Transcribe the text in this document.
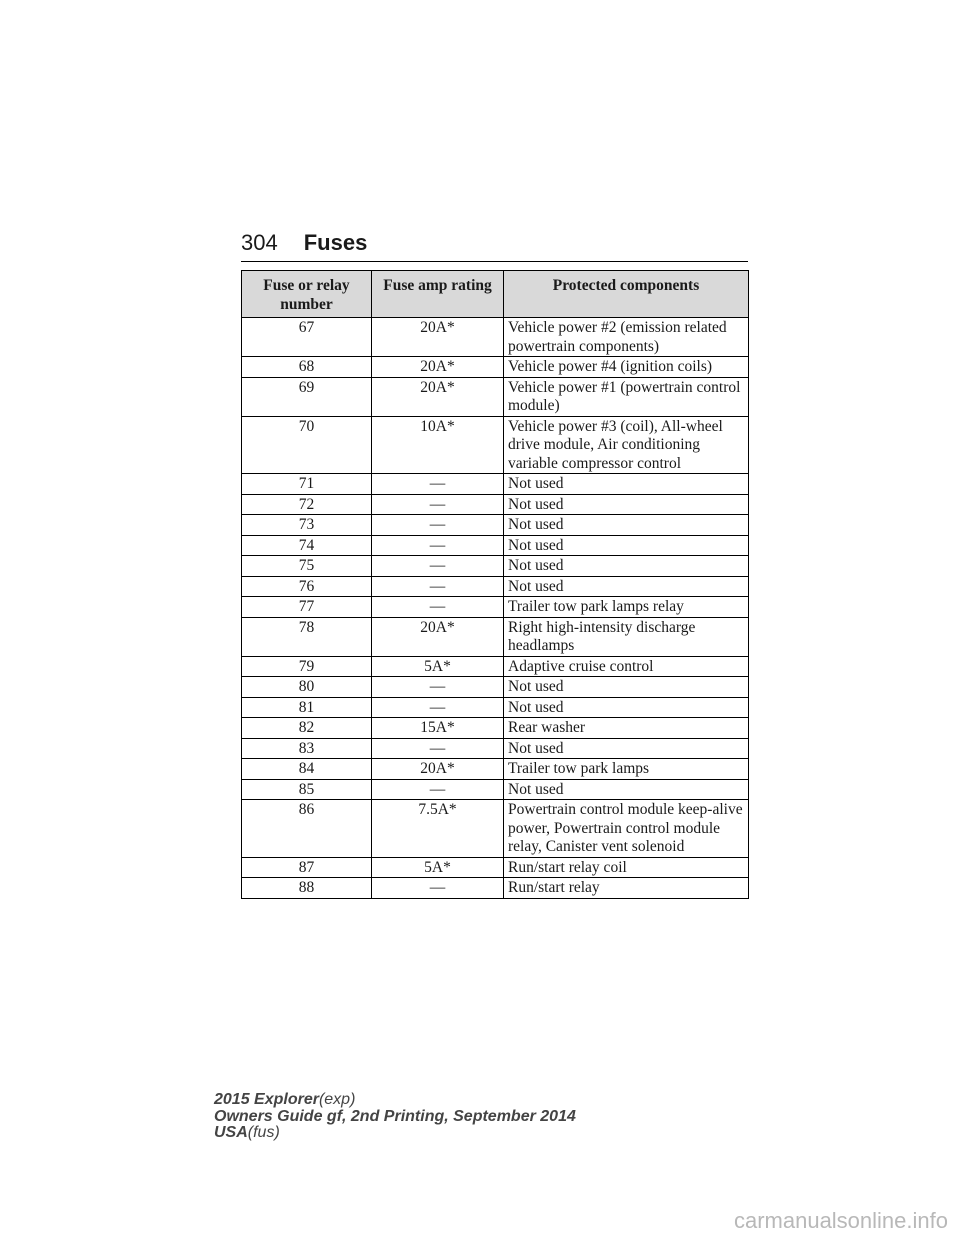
304 Fuses
Fuse or relay number	Fuse amp rating	Protected components
67	20A*	Vehicle power #2 (emission related powertrain components)
68	20A*	Vehicle power #4 (ignition coils)
69	20A*	Vehicle power #1 (powertrain control module)
70	10A*	Vehicle power #3 (coil), All-wheel drive module, Air conditioning variable compressor control
71	—	Not used
72	—	Not used
73	—	Not used
74	—	Not used
75	—	Not used
76	—	Not used
77	—	Trailer tow park lamps relay
78	20A*	Right high-intensity discharge headlamps
79	5A*	Adaptive cruise control
80	—	Not used
81	—	Not used
82	15A*	Rear washer
83	—	Not used
84	20A*	Trailer tow park lamps
85	—	Not used
86	7.5A*	Powertrain control module keep-alive power, Powertrain control module relay, Canister vent solenoid
87	5A*	Run/start relay coil
88	—	Run/start relay
2015 Explorer(exp)
Owners Guide gf, 2nd Printing, September 2014
USA(fus)
carmanualsonline.info
